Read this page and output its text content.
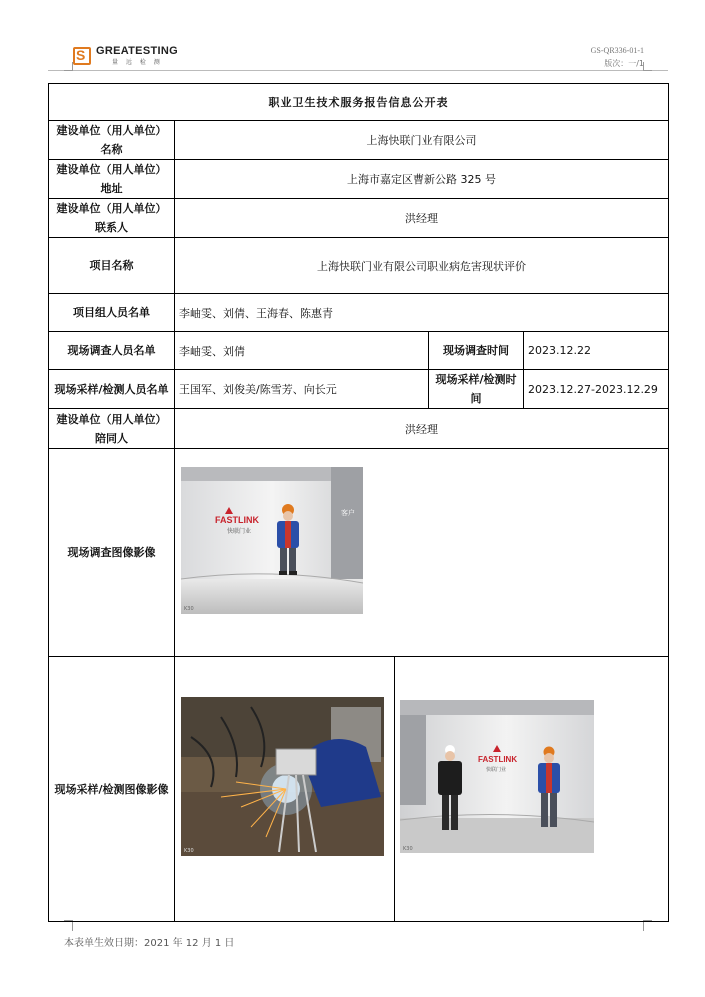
S GREATESTING
量 远 检 测
GS-QR336-01-1
版次：一/1
职业卫生技术服务报告信息公开表			
建设单位（用人单位）名称	上海快联门业有限公司		
建设单位（用人单位）地址	上海市嘉定区曹新公路 325 号		
建设单位（用人单位）联系人	洪经理		
项目名称	上海快联门业有限公司职业病危害现状评价		
项目组人员名单	李岫雯、刘倩、王海春、陈惠青		
现场调查人员名单	李岫雯、刘倩	现场调查时间	2023.12.22
现场采样/检测人员名单	王国军、刘俊美/陈雪芳、向长元	现场采样/检测时间	2023.12.27-2023.12.29
建设单位（用人单位）陪同人	洪经理		
现场调查图像影像			
现场采样/检测图像影像			
FASTLINK
快联门业
客户
K30
K30
FASTLINK
快联门业
K30
本表单生效日期：2021 年 12 月 1 日
